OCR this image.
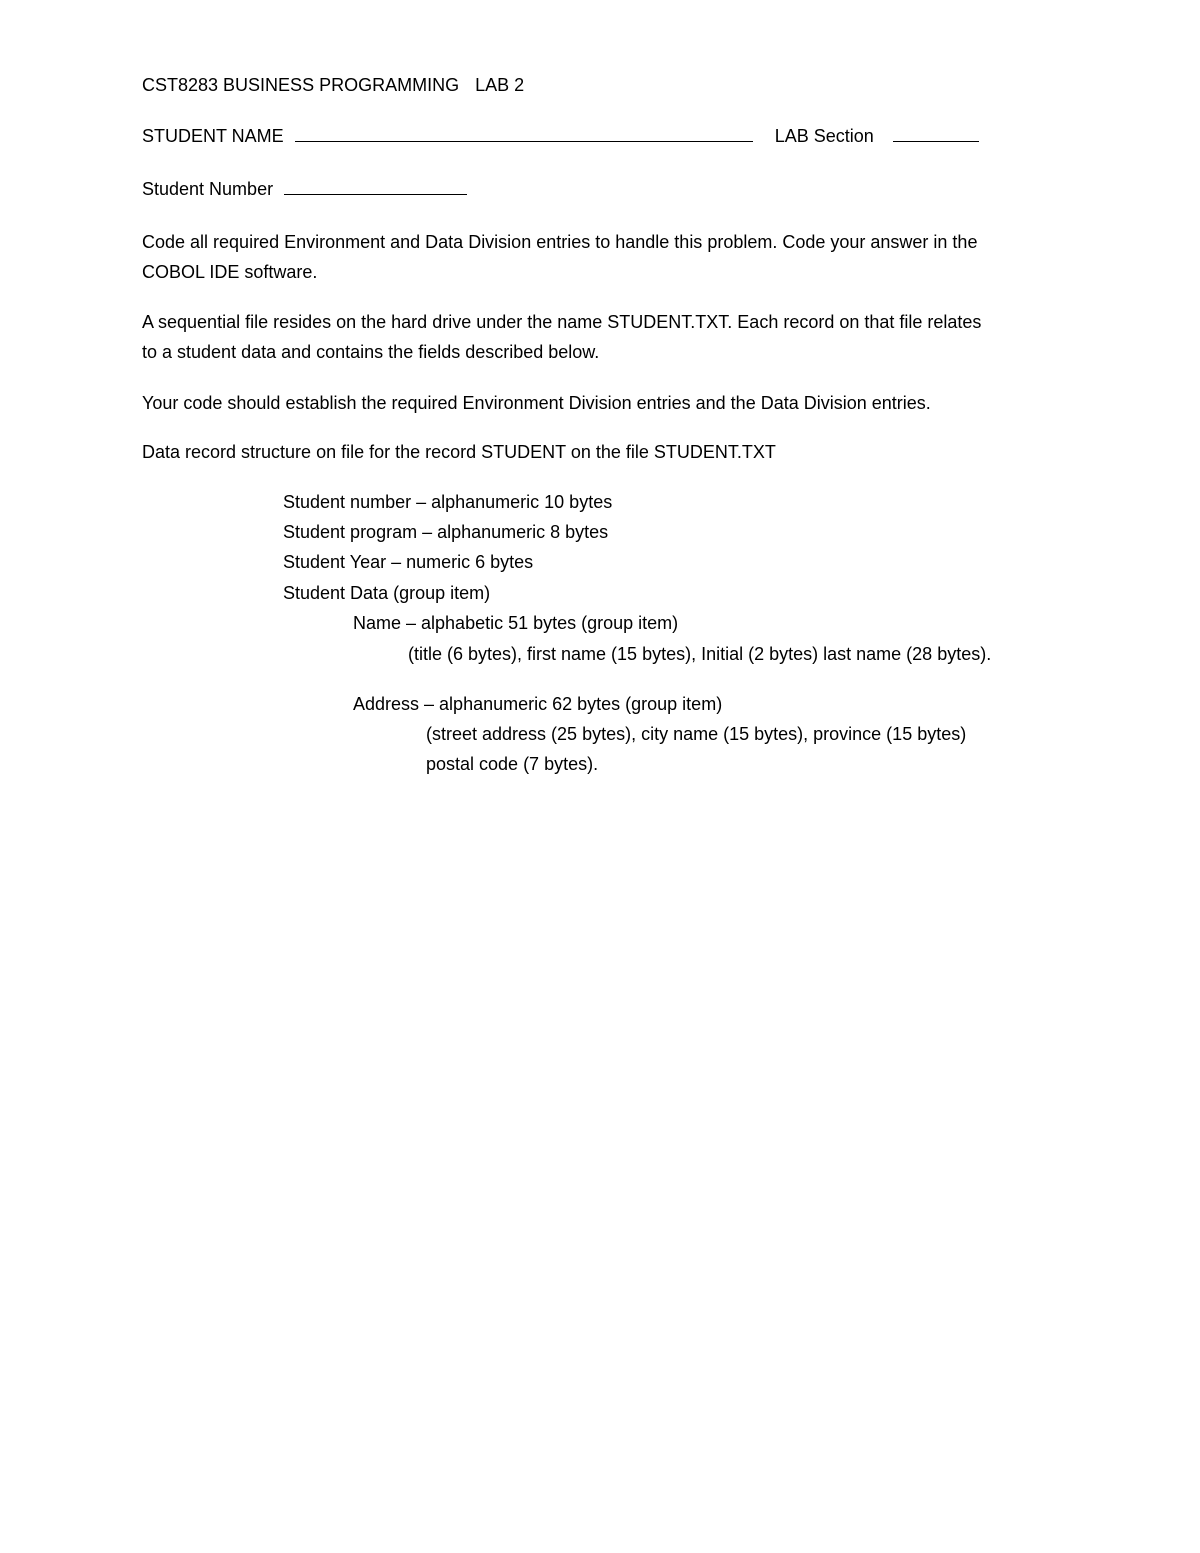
CST8283 BUSINESS PROGRAMMING LAB 2
STUDENT NAME	LAB Section
Student Number
Code all required Environment and Data Division entries to handle this problem. Code your answer in the
COBOL IDE software.
A sequential file resides on the hard drive under the name STUDENT.TXT. Each record on that file relates
to a student data and contains the fields described below.
Your code should establish the required Environment Division entries and the Data Division entries.
Data record structure on file for the record STUDENT on the file STUDENT.TXT
Student number – alphanumeric 10 bytes
Student program – alphanumeric 8 bytes
Student Year – numeric 6 bytes
Student Data (group item)
Name – alphabetic 51 bytes (group item)
(title (6 bytes), first name (15 bytes), Initial (2 bytes) last name (28 bytes).
Address – alphanumeric 62 bytes (group item)
(street address (25 bytes), city name (15 bytes), province (15 bytes)
postal code (7 bytes).
